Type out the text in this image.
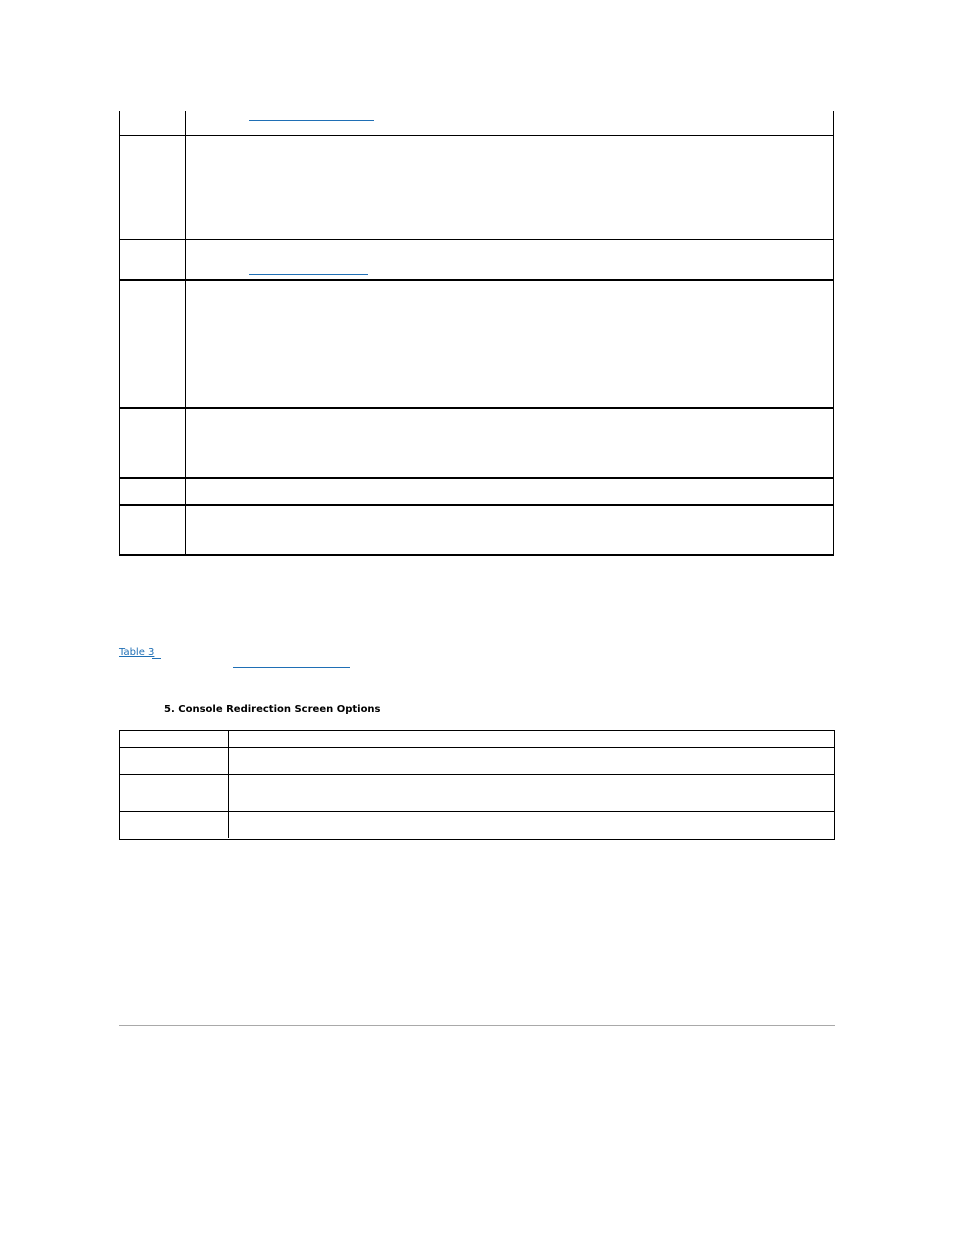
Table 3
5. Console Redirection Screen Options
